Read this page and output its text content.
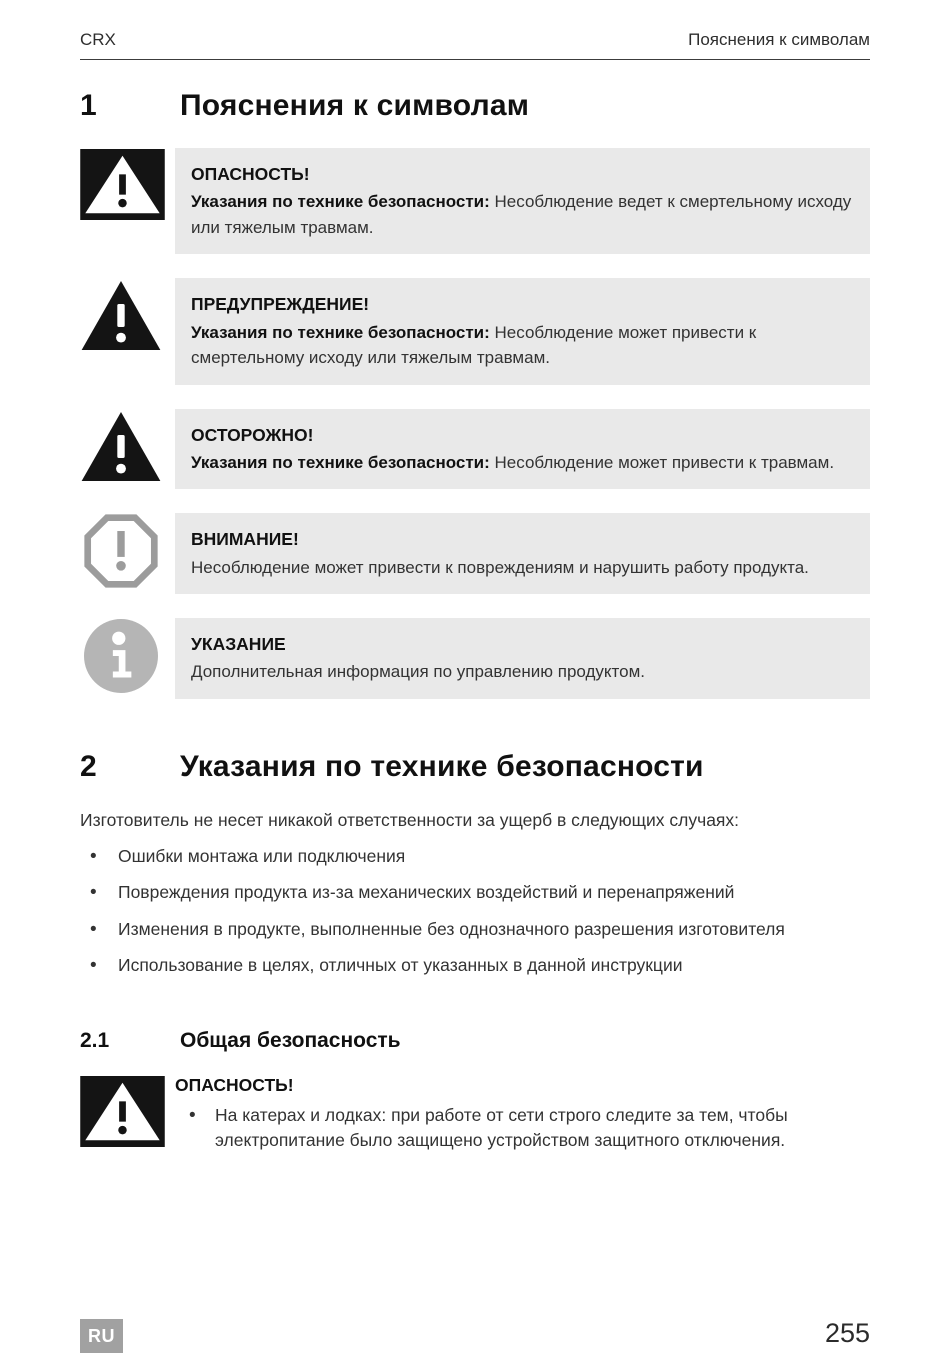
CRX	Пояснения к символам
1	Пояснения к символам
ОПАСНОСТЬ!
Указания по технике безопасности: Несоблюдение ведет к смертельному исходу или тяжелым травмам.
ПРЕДУПРЕЖДЕНИЕ!
Указания по технике безопасности: Несоблюдение может привести к смертельному исходу или тяжелым травмам.
ОСТОРОЖНО!
Указания по технике безопасности: Несоблюдение может привести к травмам.
ВНИМАНИЕ!
Несоблюдение может привести к повреждениям и нарушить работу продукта.
УКАЗАНИЕ
Дополнительная информация по управлению продуктом.
2	Указания по технике безопасности

Изготовитель не несет никакой ответственности за ущерб в следующих случаях:

• Ошибки монтажа или подключения
• Повреждения продукта из-за механических воздействий и перенапряжений
• Изменения в продукте, выполненные без однозначного разрешения изготовителя
• Использование в целях, отличных от указанных в данной инструкции
2.1	Общая безопасность
ОПАСНОСТЬ!
• На катерах и лодках: при работе от сети строго следите за тем, чтобы электропитание было защищено устройством защитного отключения.
RU	255
